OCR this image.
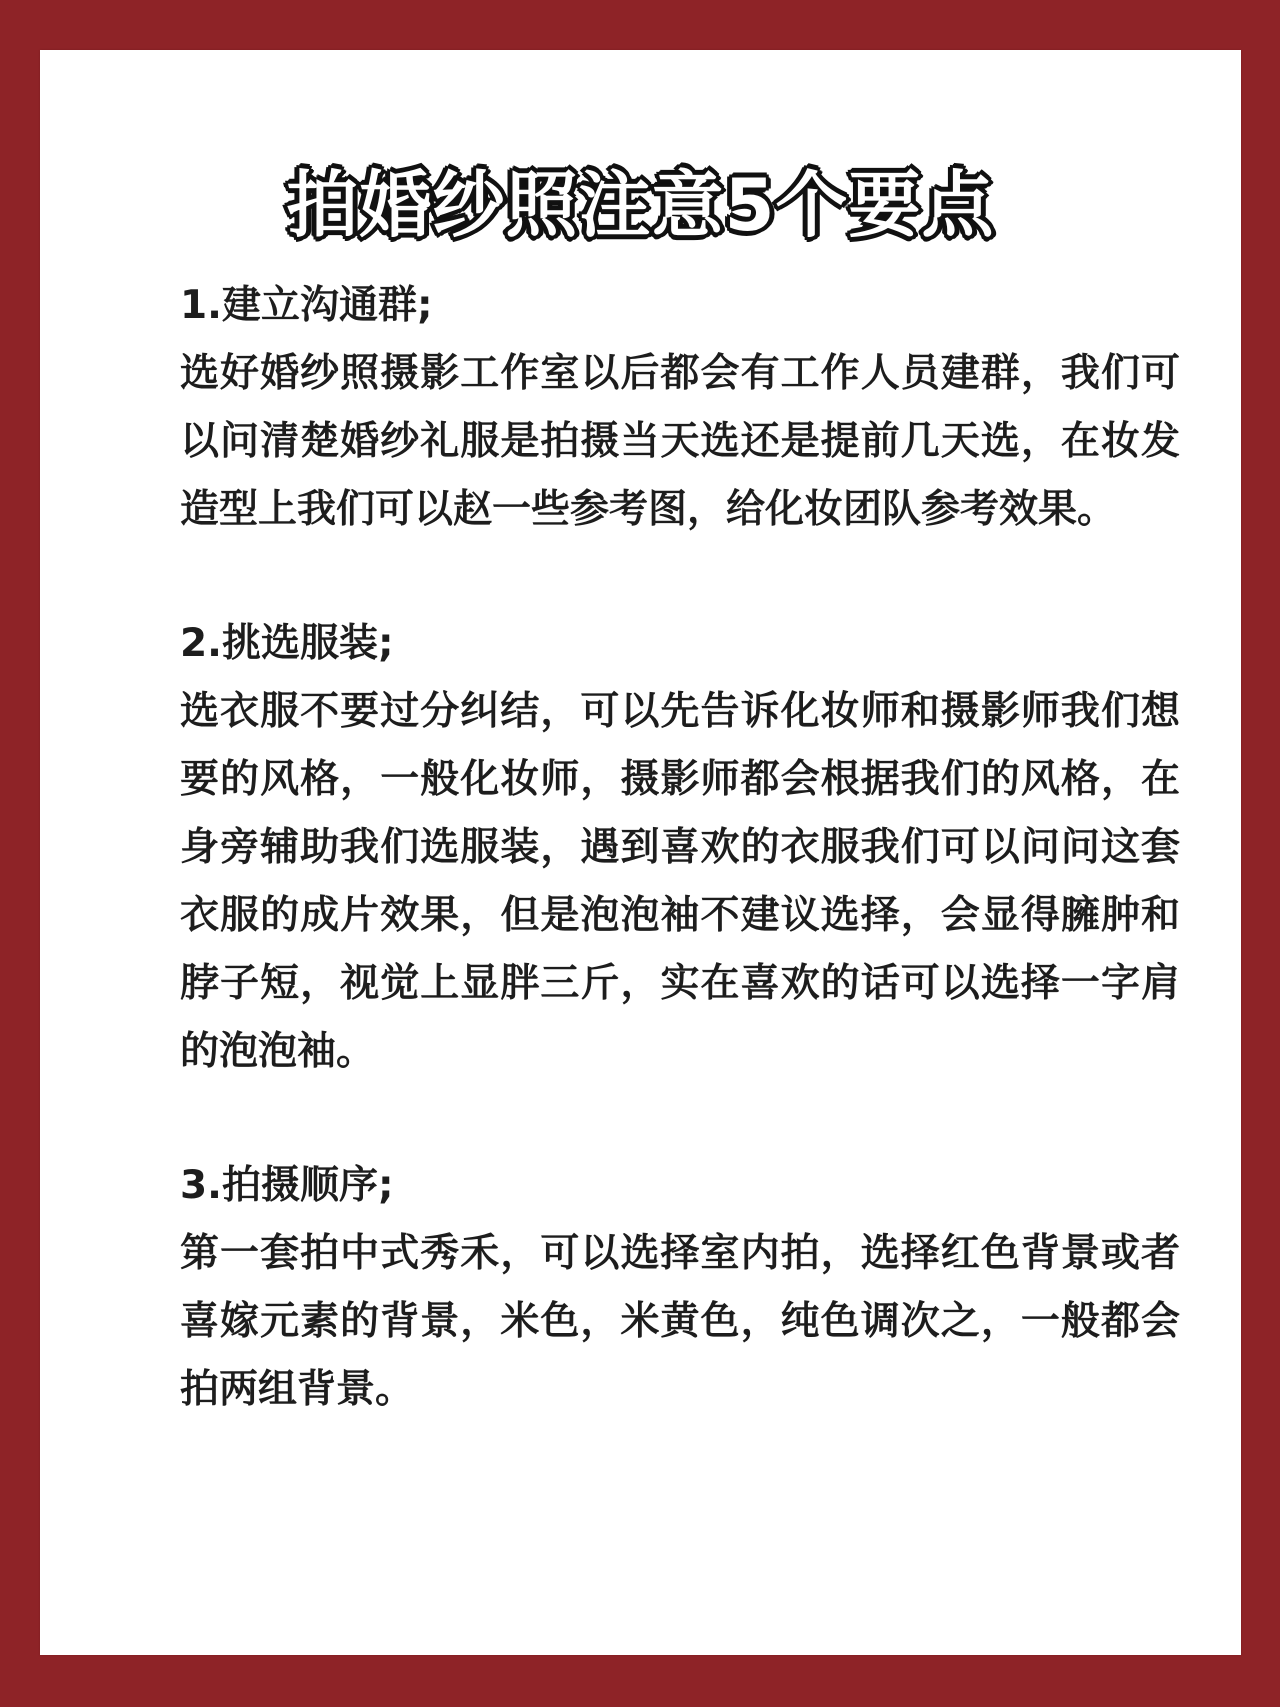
拍婚纱照注意5个要点

1.建立沟通群;

选好婚纱照摄影工作室以后都会有工作人员建群，我们可以问清楚婚纱礼服是拍摄当天选还是提前几天选，在妆发造型上我们可以赵一些参考图，给化妆团队参考效果。

2.挑选服装;

选衣服不要过分纠结，可以先告诉化妆师和摄影师我们想要的风格，一般化妆师，摄影师都会根据我们的风格，在身旁辅助我们选服装，遇到喜欢的衣服我们可以问问这套衣服的成片效果，但是泡泡袖不建议选择，会显得臃肿和脖子短，视觉上显胖三斤，实在喜欢的话可以选择一字肩的泡泡袖。

3.拍摄顺序;

第一套拍中式秀禾，可以选择室内拍，选择红色背景或者喜嫁元素的背景，米色，米黄色，纯色调次之，一般都会拍两组背景。
